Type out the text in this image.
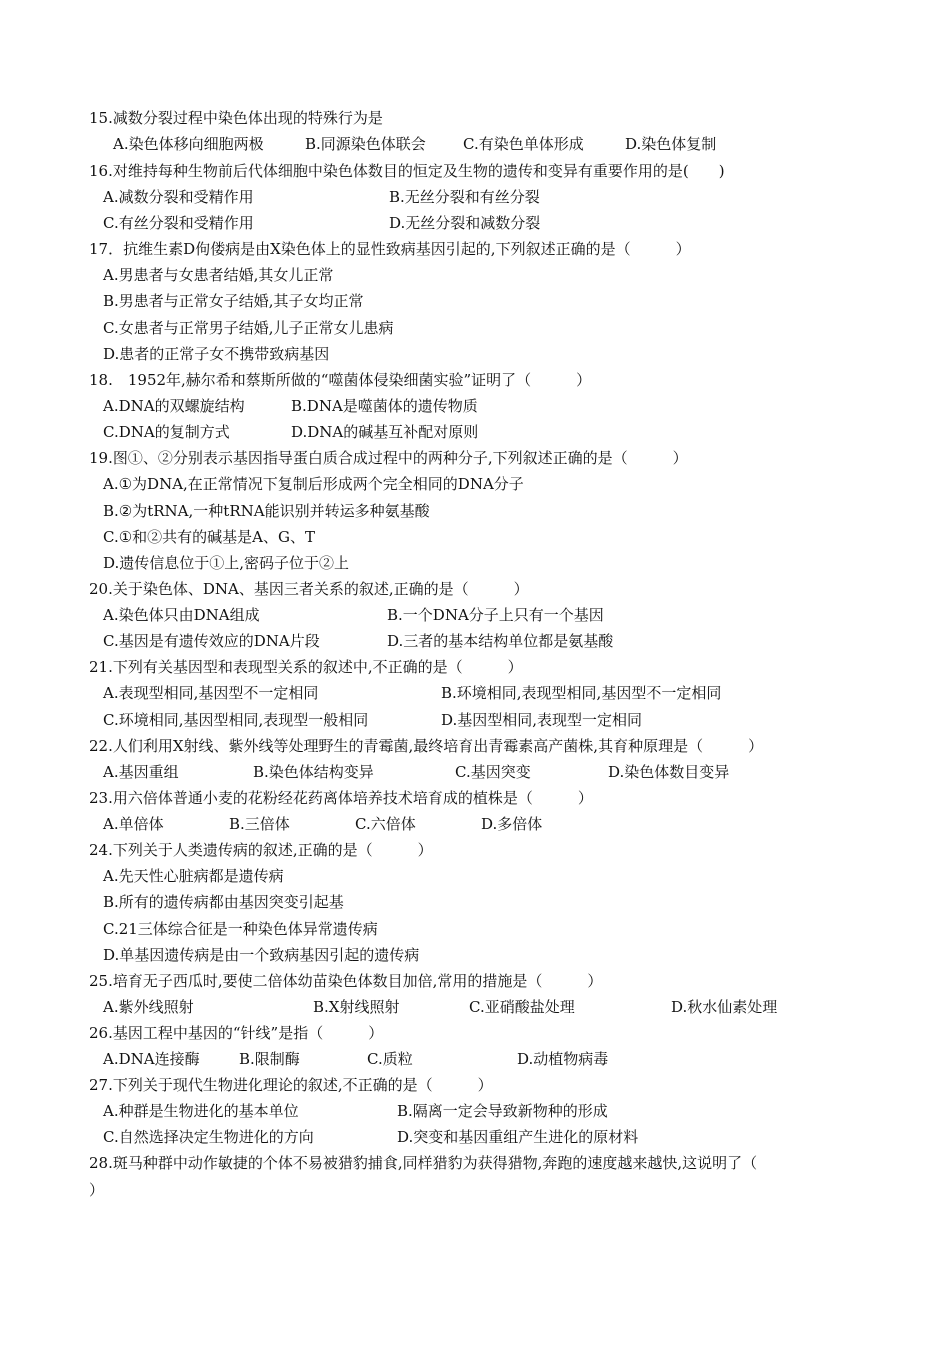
15.减数分裂过程中染色体出现的特殊行为是
A.染色体移向细胞两极	B.同源染色体联会 C.有染色单体形成	D.染色体复制
16.对维持每种生物前后代体细胞中染色体数目的恒定及生物的遗传和变异有重要作用的是(　　)
A.减数分裂和受精作用	B.无丝分裂和有丝分裂
C.有丝分裂和受精作用	D.无丝分裂和减数分裂
17．抗维生素D佝偻病是由X染色体上的显性致病基因引起的,下列叙述正确的是（　　　）
A.男患者与女患者结婚,其女儿正常
B.男患者与正常女子结婚,其子女均正常
C.女患者与正常男子结婚,儿子正常女儿患病
D.患者的正常子女不携带致病基因
18.　1952年,赫尔希和蔡斯所做的“噬菌体侵染细菌实验”证明了（　　　）
A.DNA的双螺旋结构	B.DNA是噬菌体的遗传物质
C.DNA的复制方式	D.DNA的碱基互补配对原则
19.图①、②分别表示基因指导蛋白质合成过程中的两种分子,下列叙述正确的是（　　　）
A.①为DNA,在正常情况下复制后形成两个完全相同的DNA分子
B.②为tRNA,一种tRNA能识别并转运多种氨基酸
C.①和②共有的碱基是A、G、T
D.遗传信息位于①上,密码子位于②上
20.关于染色体、DNA、基因三者关系的叙述,正确的是（　　　）
A.染色体只由DNA组成	B.一个DNA分子上只有一个基因
C.基因是有遗传效应的DNA片段	D.三者的基本结构单位都是氨基酸
21.下列有关基因型和表现型关系的叙述中,不正确的是（　　　）
A.表现型相同,基因型不一定相同	B.环境相同,表现型相同,基因型不一定相同
C.环境相同,基因型相同,表现型一般相同	D.基因型相同,表现型一定相同
22.人们利用X射线、紫外线等处理野生的青霉菌,最终培育出青霉素高产菌株,其育种原理是（　　　）
A.基因重组	B.染色体结构变异	C.基因突变	D.染色体数目变异
23.用六倍体普通小麦的花粉经花药离体培养技术培育成的植株是（　　　）
A.单倍体	B.三倍体	C.六倍体	D.多倍体
24.下列关于人类遗传病的叙述,正确的是（　　　）
A.先天性心脏病都是遗传病
B.所有的遗传病都由基因突变引起基
C.21三体综合征是一种染色体异常遗传病
D.单基因遗传病是由一个致病基因引起的遗传病
25.培育无子西瓜时,要使二倍体幼苗染色体数目加倍,常用的措施是（　　　）
A.紫外线照射	B.X射线照射	C.亚硝酸盐处理	D.秋水仙素处理
26.基因工程中基因的“针线”是指（　　　）
A.DNA连接酶	B.限制酶	C.质粒	D.动植物病毒
27.下列关于现代生物进化理论的叙述,不正确的是（　　　）
A.种群是生物进化的基本单位	B.隔离一定会导致新物种的形成
C.自然选择决定生物进化的方向	D.突变和基因重组产生进化的原材料
28.斑马种群中动作敏捷的个体不易被猎豹捕食,同样猎豹为获得猎物,奔跑的速度越来越快,这说明了（
）
